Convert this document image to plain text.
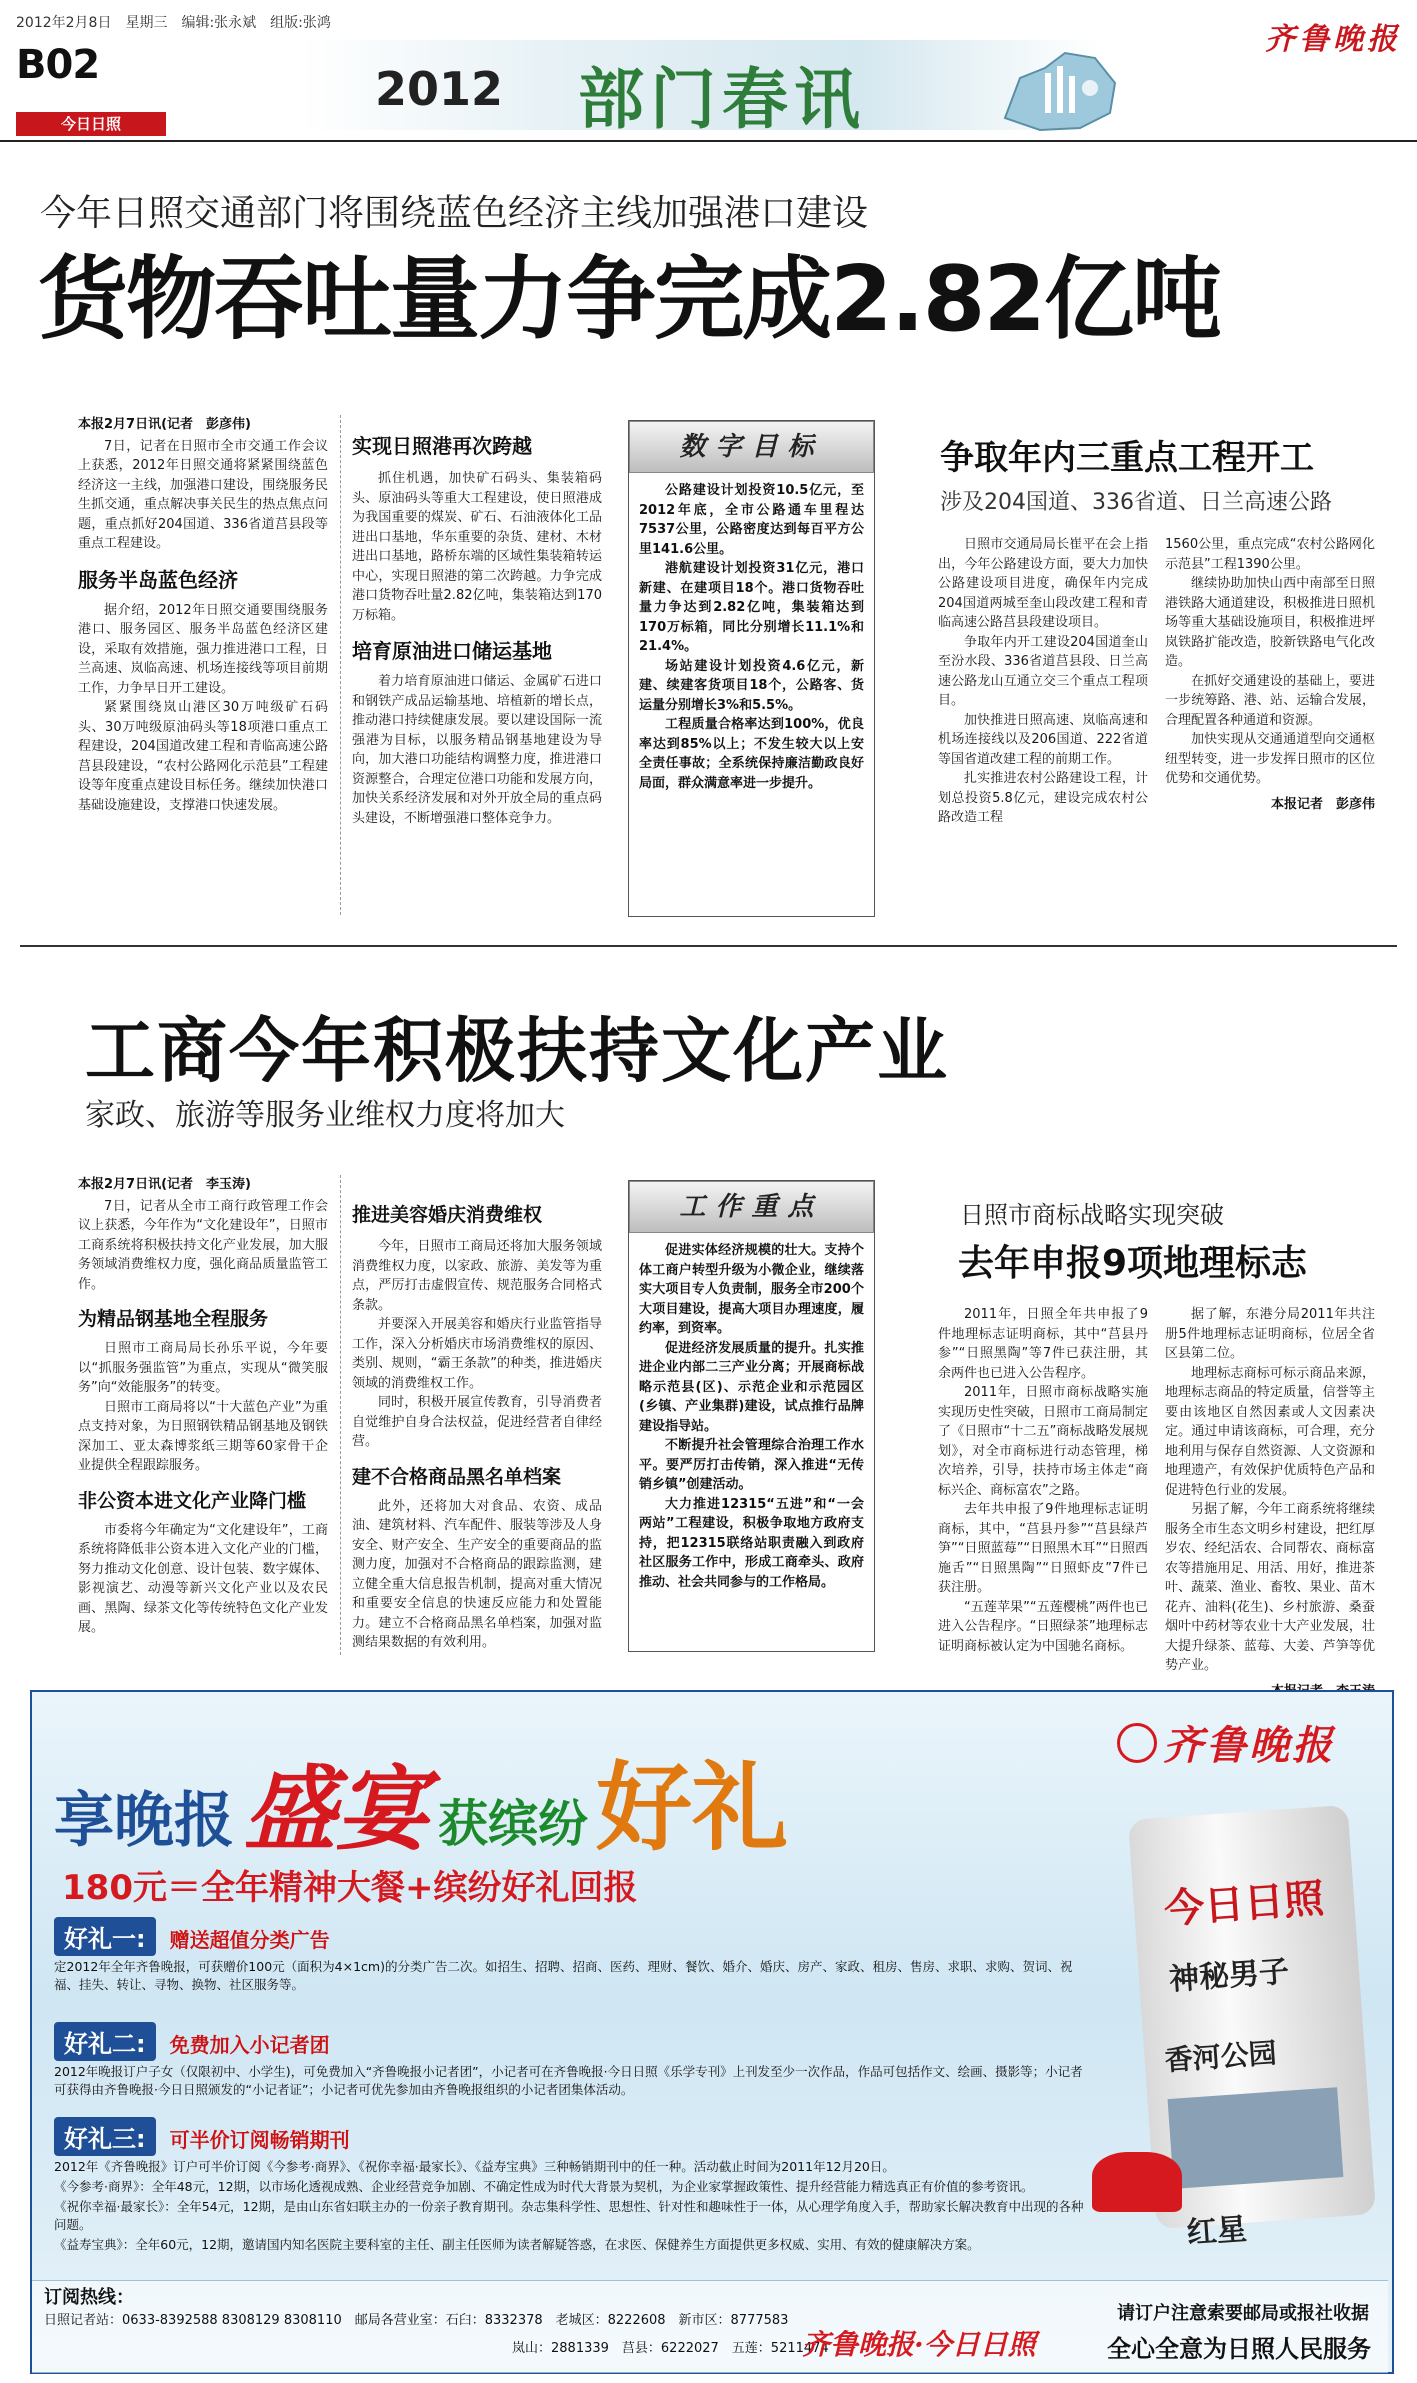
2012年2月8日　星期三　编辑:张永斌　组版:张鸿	齐鲁晚报
B02
今日日照
2012 部门春讯
今年日照交通部门将围绕蓝色经济主线加强港口建设
货物吞吐量力争完成2.82亿吨

本报2月7日讯(记者　彭彦伟)

7日，记者在日照市全市交通工作会议上获悉，2012年日照交通将紧紧围绕蓝色经济这一主线，加强港口建设，围绕服务民生抓交通，重点解决事关民生的热点焦点问题，重点抓好204国道、336省道莒县段等重点工程建设。

服务半岛蓝色经济

据介绍，2012年日照交通要围绕服务港口、服务园区、服务半岛蓝色经济区建设，采取有效措施，强力推进港口工程，日兰高速、岚临高速、机场连接线等项目前期工作，力争早日开工建设。

紧紧围绕岚山港区30万吨级矿石码头、30万吨级原油码头等18项港口重点工程建设，204国道改建工程和青临高速公路莒县段建设，“农村公路网化示范县”工程建设等年度重点建设目标任务。继续加快港口基础设施建设，支撑港口快速发展。

实现日照港再次跨越

抓住机遇，加快矿石码头、集装箱码头、原油码头等重大工程建设，使日照港成为我国重要的煤炭、矿石、石油液体化工品进出口基地，华东重要的杂货、建材、木材进出口基地，路桥东端的区域性集装箱转运中心，实现日照港的第二次跨越。力争完成港口货物吞吐量2.82亿吨，集装箱达到170万标箱。

培育原油进口储运基地

着力培育原油进口储运、金属矿石进口和钢铁产成品运输基地、培植新的增长点，推动港口持续健康发展。要以建设国际一流强港为目标，以服务精品钢基地建设为导向，加大港口功能结构调整力度，推进港口资源整合，合理定位港口功能和发展方向，加快关系经济发展和对外开放全局的重点码头建设，不断增强港口整体竞争力。

数字目标

公路建设计划投资10.5亿元，至2012年底，全市公路通车里程达7537公里，公路密度达到每百平方公里141.6公里。

港航建设计划投资31亿元，港口新建、在建项目18个。港口货物吞吐量力争达到2.82亿吨，集装箱达到170万标箱，同比分别增长11.1%和21.4%。

场站建设计划投资4.6亿元，新建、续建客货项目18个，公路客、货运量分别增长3%和5.5%。

工程质量合格率达到100%，优良率达到85%以上；不发生较大以上安全责任事故；全系统保持廉洁勤政良好局面，群众满意率进一步提升。

争取年内三重点工程开工
涉及204国道、336省道、日兰高速公路

日照市交通局局长崔平在会上指出，今年公路建设方面，要大力加快公路建设项目进度，确保年内完成204国道两城至奎山段改建工程和青临高速公路莒县段建设项目。

争取年内开工建设204国道奎山至汾水段、336省道莒县段、日兰高速公路龙山互通立交三个重点工程项目。

加快推进日照高速、岚临高速和机场连接线以及206国道、222省道等国省道改建工程的前期工作。

扎实推进农村公路建设工程，计划总投资5.8亿元，建设完成农村公路改造工程

1560公里，重点完成“农村公路网化示范县”工程1390公里。

继续协助加快山西中南部至日照港铁路大通道建设，积极推进日照机场等重大基础设施项目，积极推进坪岚铁路扩能改造，胶新铁路电气化改造。

在抓好交通建设的基础上，要进一步统筹路、港、站、运输合发展，合理配置各种通道和资源。

加快实现从交通通道型向交通枢纽型转变，进一步发挥日照市的区位优势和交通优势。

本报记者　彭彦伟

工商今年积极扶持文化产业
家政、旅游等服务业维权力度将加大

本报2月7日讯(记者　李玉涛)

7日，记者从全市工商行政管理工作会议上获悉，今年作为“文化建设年”，日照市工商系统将积极扶持文化产业发展，加大服务领域消费维权力度，强化商品质量监管工作。

为精品钢基地全程服务

日照市工商局局长孙乐平说，今年要以“抓服务强监管”为重点，实现从“微笑服务”向“效能服务”的转变。

日照市工商局将以“十大蓝色产业”为重点支持对象，为日照钢铁精品钢基地及钢铁深加工、亚太森博浆纸三期等60家骨干企业提供全程跟踪服务。

非公资本进文化产业降门槛

市委将今年确定为“文化建设年”，工商系统将降低非公资本进入文化产业的门槛，努力推动文化创意、设计包装、数字媒体、影视演艺、动漫等新兴文化产业以及农民画、黑陶、绿茶文化等传统特色文化产业发展。

推进美容婚庆消费维权

今年，日照市工商局还将加大服务领域消费维权力度，以家政、旅游、美发等为重点，严厉打击虚假宣传、规范服务合同格式条款。

并要深入开展美容和婚庆行业监管指导工作，深入分析婚庆市场消费维权的原因、类别、规则，“霸王条款”的种类，推进婚庆领域的消费维权工作。

同时，积极开展宣传教育，引导消费者自觉维护自身合法权益，促进经营者自律经营。

建不合格商品黑名单档案

此外，还将加大对食品、农资、成品油、建筑材料、汽车配件、服装等涉及人身安全、财产安全、生产安全的重要商品的监测力度，加强对不合格商品的跟踪监测，建立健全重大信息报告机制，提高对重大情况和重要安全信息的快速反应能力和处置能力。建立不合格商品黑名单档案，加强对监测结果数据的有效利用。

工作重点

促进实体经济规模的壮大。支持个体工商户转型升级为小微企业，继续落实大项目专人负责制，服务全市200个大项目建设，提高大项目办理速度，履约率，到资率。

促进经济发展质量的提升。扎实推进企业内部二三产业分离；开展商标战略示范县(区)、示范企业和示范园区(乡镇、产业集群)建设，试点推行品牌建设指导站。

不断提升社会管理综合治理工作水平。要严厉打击传销，深入推进“无传销乡镇”创建活动。

大力推进12315“五进”和“一会两站”工程建设，积极争取地方政府支持，把12315联络站职责融入到政府社区服务工作中，形成工商牵头、政府推动、社会共同参与的工作格局。

日照市商标战略实现突破
去年申报9项地理标志

2011年，日照全年共申报了9件地理标志证明商标，其中“莒县丹参”“日照黑陶”等7件已获注册，其余两件也已进入公告程序。

2011年，日照市商标战略实施实现历史性突破，日照市工商局制定了《日照市“十二五”商标战略发展规划》，对全市商标进行动态管理，梯次培养，引导，扶持市场主体走“商标兴企、商标富农”之路。

去年共申报了9件地理标志证明商标，其中，“莒县丹参”“莒县绿芦笋”“日照蓝莓”“日照黑木耳”“日照西施舌”“日照黑陶”“日照虾皮”7件已获注册。

“五莲苹果”“五莲樱桃”两件也已进入公告程序。“日照绿茶”地理标志证明商标被认定为中国驰名商标。

据了解，东港分局2011年共注册5件地理标志证明商标，位居全省区县第二位。

地理标志商标可标示商品来源，地理标志商品的特定质量，信誉等主要由该地区自然因素或人文因素决定。通过申请该商标，可合理，充分地利用与保存自然资源、人文资源和地理遗产，有效保护优质特色产品和促进特色行业的发展。

另据了解，今年工商系统将继续服务全市生态文明乡村建设，把红厚岁农、经纪活农、合同帮农、商标富农等措施用足、用活、用好，推进茶叶、蔬菜、渔业、畜牧、果业、苗木花卉、油料(花生)、乡村旅游、桑蚕烟叶中药材等农业十大产业发展，壮大提升绿茶、蓝莓、大姜、芦笋等优势产业。

享晚报 盛宴 获缤纷好礼
齐鲁晚报
180元＝全年精神大餐+缤纷好礼回报
好礼一: 赠送超值分类广告

定2012年全年齐鲁晚报，可获赠价100元（面积为4×1cm)的分类广告二次。如招生、招聘、招商、医药、理财、餐饮、婚介、婚庆、房产、家政、租房、售房、求职、求购、贺词、祝福、挂失、转让、寻物、换物、社区服务等。

好礼二: 免费加入小记者团

2012年晚报订户子女（仅限初中、小学生)，可免费加入“齐鲁晚报小记者团”，小记者可在齐鲁晚报·今日日照《乐学专刊》上刊发至少一次作品，作品可包括作文、绘画、摄影等；小记者可获得由齐鲁晚报·今日日照颁发的“小记者证”；小记者可优先参加由齐鲁晚报组织的小记者团集体活动。

好礼三: 可半价订阅畅销期刊

2012年《齐鲁晚报》订户可半价订阅《今参考·商界》、《祝你幸福·最家长》、《益寿宝典》三种畅销期刊中的任一种。活动截止时间为2011年12月20日。

《今参考·商界》：全年48元，12期，以市场化透视成熟、企业经营竞争加剧、不确定性成为时代大背景为契机，为企业家掌握政策性、提升经营能力精选真正有价值的参考资讯。

《祝你幸福·最家长》：全年54元，12期，是由山东省妇联主办的一份亲子教育期刊。杂志集科学性、思想性、针对性和趣味性于一体，从心理学角度入手，帮助家长解决教育中出现的各种问题。

《益寿宝典》：全年60元，12期，邀请国内知名医院主要科室的主任、副主任医师为读者解疑答惑，在求医、保健养生方面提供更多权威、实用、有效的健康解决方案。

今日日照
神秘男子
香河公园
红星
订阅热线：
日照记者站：0633-8392588 8308129 8308110　邮局各营业室：石臼：8332378　老城区：8222608　新市区：8777583
岚山：2881339　莒县：6222027　五莲：5211474
齐鲁晚报·今日日照
请订户注意索要邮局或报社收据
全心全意为日照人民服务
